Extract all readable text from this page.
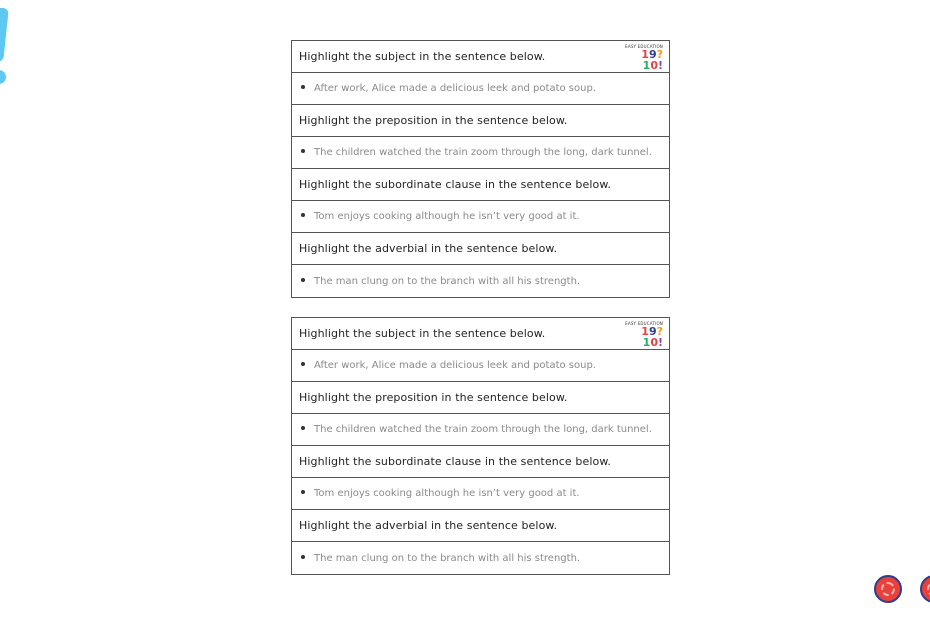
Highlight the subject in the sentence below.
EASY EDUCATION
19?10!
After work, Alice made a delicious leek and potato soup.
Highlight the preposition in the sentence below.
The children watched the train zoom through the long, dark tunnel.
Highlight the subordinate clause in the sentence below.
Tom enjoys cooking although he isn’t very good at it.
Highlight the adverbial in the sentence below.
The man clung on to the branch with all his strength.
Highlight the subject in the sentence below.
EASY EDUCATION
19?10!
After work, Alice made a delicious leek and potato soup.
Highlight the preposition in the sentence below.
The children watched the train zoom through the long, dark tunnel.
Highlight the subordinate clause in the sentence below.
Tom enjoys cooking although he isn’t very good at it.
Highlight the adverbial in the sentence below.
The man clung on to the branch with all his strength.
